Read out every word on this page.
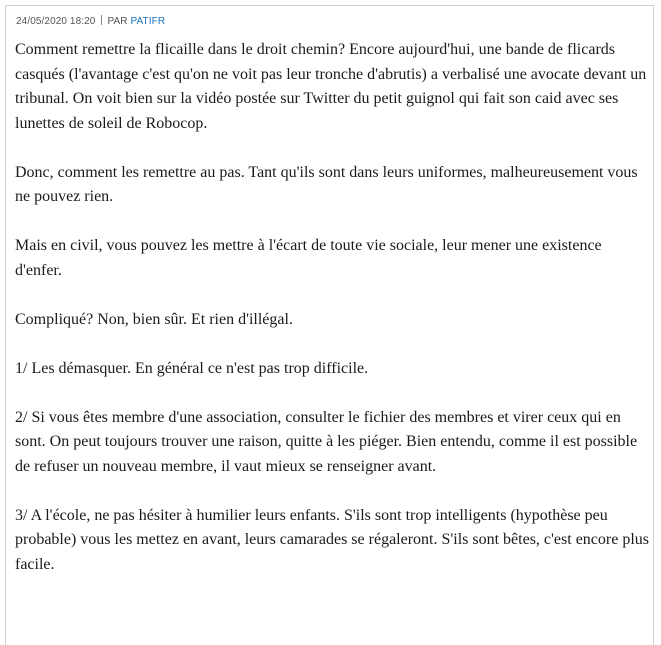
24/05/2020 18:20 PAR PATIFR

Comment remettre la flicaille dans le droit chemin? Encore aujourd'hui, une bande de flicards casqués (l'avantage c'est qu'on ne voit pas leur tronche d'abrutis) a verbalisé une avocate devant un tribunal. On voit bien sur la vidéo postée sur Twitter du petit guignol qui fait son caid avec ses lunettes de soleil de Robocop.

Donc, comment les remettre au pas. Tant qu'ils sont dans leurs uniformes, malheureusement vous ne pouvez rien.

Mais en civil, vous pouvez les mettre à l'écart de toute vie sociale, leur mener une existence d'enfer.

Compliqué? Non, bien sûr. Et rien d'illégal.

1/ Les démasquer. En général ce n'est pas trop difficile.

2/ Si vous êtes membre d'une association, consulter le fichier des membres et virer ceux qui en sont. On peut toujours trouver une raison, quitte à les piéger. Bien entendu, comme il est possible de refuser un nouveau membre, il vaut mieux se renseigner avant.

3/ A l'école, ne pas hésiter à humilier leurs enfants. S'ils sont trop intelligents (hypothèse peu probable) vous les mettez en avant, leurs camarades se régaleront. S'ils sont bêtes, c'est encore plus facile.
